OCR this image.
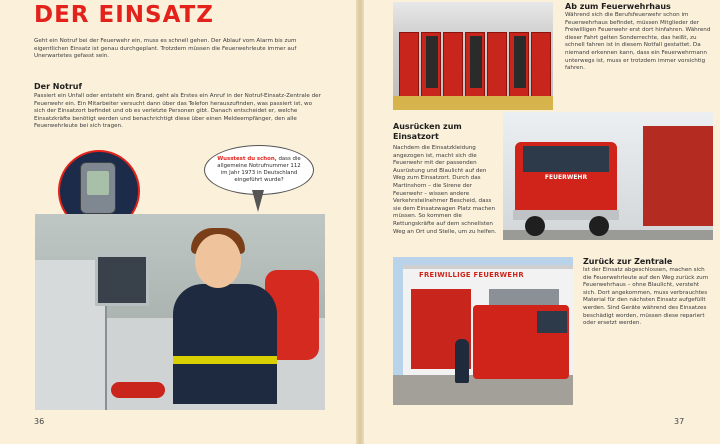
DER EINSATZ
Geht ein Notruf bei der Feuerwehr ein, muss es schnell gehen. Der Ablauf vom Alarm bis zum eigentlichen Einsatz ist genau durchgeplant. Trotzdem müssen die Feuerwehrleute immer auf Unerwartetes gefasst sein.
Der Notruf
Passiert ein Unfall oder entsteht ein Brand, geht als Erstes ein Anruf in der Notruf-Einsatz-Zentrale der Feuerwehr ein. Ein Mitarbeiter versucht dann über das Telefon herauszufinden, was passiert ist, wo sich der Einsatzort befindet und ob es verletzte Personen gibt. Danach entscheidet er, welche Einsatzkräfte benötigt werden und benachrichtigt diese über einen Meldeempfänger, den alle Feuerwehrleute bei sich tragen.
Wusstest du schon, dass die allgemeine Notrufnummer 112 im Jahr 1973 in Deutschland eingeführt wurde?
36
Ab zum Feuerwehrhaus
Während sich die Berufsfeuerwehr schon im Feuerwehrhaus befindet, müssen Mitglieder der Freiwilligen Feuerwehr erst dort hinfahren. Während dieser Fahrt gelten Sonderrechte, das heißt, zu schnell fahren ist in diesem Notfall gestattet. Da niemand erkennen kann, dass ein Feuerwehrmann unterwegs ist, muss er trotzdem immer vorsichtig fahren.
FEUERWEHR
Ausrücken zum Einsatzort
Nachdem die Einsatzkleidung angezogen ist, macht sich die Feuerwehr mit der passenden Ausrüstung und Blaulicht auf den Weg zum Einsatzort. Durch das Martinshorn – die Sirene der Feuerwehr – wissen andere Verkehrsteilnehmer Bescheid, dass sie dem Einsatzwagen Platz machen müssen. So kommen die Rettungskräfte auf dem schnellsten Weg an Ort und Stelle, um zu helfen.
FREIWILLIGE FEUERWEHR
Zurück zur Zentrale
Ist der Einsatz abgeschlossen, machen sich die Feuerwehrleute auf den Weg zurück zum Feuerwehrhaus – ohne Blaulicht, versteht sich. Dort angekommen, muss verbrauchtes Material für den nächsten Einsatz aufgefüllt werden. Sind Geräte während des Einsatzes beschädigt worden, müssen diese repariert oder ersetzt werden.
37
